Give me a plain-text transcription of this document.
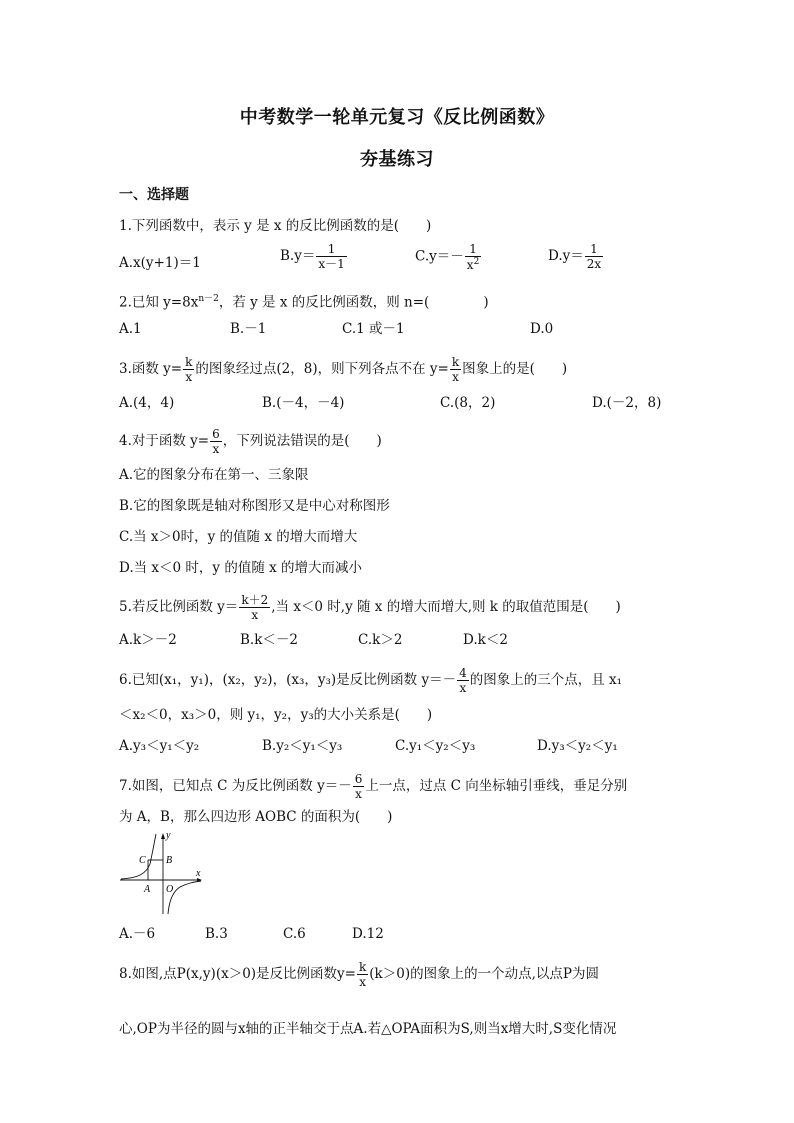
中考数学一轮单元复习《反比例函数》
夯基练习
一、选择题
1.下列函数中，表示 y 是 x 的反比例函数的是(　　)
A.x(y+1)＝1	$B.y= \frac{1}{x-1}$	$C.y=- \frac{1}{x^2}$	$D.y= \frac{1}{2x}$
2.已知 $y=8x^{n-2}$，若 y 是 x 的反比例函数，则 n=(　　　　)
A.1	B.－1	C.1 或－1	D.0
3.函数 $y= \frac{k}{x}$ 的图象经过点(2，8)，则下列各点不在 $y= \frac{k}{x}$ 图象上的是(　　)
A.(4，4)	B.(－4，－4)	C.(8，2)	D.(－2，8)
4.对于函数 $y= \frac{6}{x}$ ，下列说法错误的是(　　)
A.它的图象分布在第一、三象限
B.它的图象既是轴对称图形又是中心对称图形
C.当 x＞0时，y 的值随 x 的增大而增大
D.当 x＜0 时，y 的值随 x 的增大而减小
5.若反比例函数 $y= \frac{k+2}{x}$ ,当 x＜0 时,y 随 x 的增大而增大,则 k 的取值范围是(　　)
A.k＞－2	B.k＜－2	C.k＞2	D.k＜2
6.已知(x₁，y₁)，(x₂，y₂)，(x₃，y₃)是反比例函数 $y=- \frac{4}{x}$ 的图象上的三个点，且 x₁
＜x₂＜0，x₃＞0，则 y₁，y₂，y₃的大小关系是(　　)
A.y₃＜y₁＜y₂	B.y₂＜y₁＜y₃	C.y₁＜y₂＜y₃	D.y₃＜y₂＜y₁
7.如图，已知点 C 为反比例函数 $y=- \frac{6}{x}$ 上一点，过点 C 向坐标轴引垂线，垂足分别
为 A，B，那么四边形 AOBC 的面积为(　　)
y
x
C B
A O
A.－6	B.3	C.6	D.12
8.如图,点P(x,y)(x＞0)是反比例函数$y= \frac{k}{x} (k>0)$的图象上的一个动点,以点P为圆
心,OP为半径的圆与x轴的正半轴交于点A.若△OPA面积为S,则当x增大时,S变化情况
